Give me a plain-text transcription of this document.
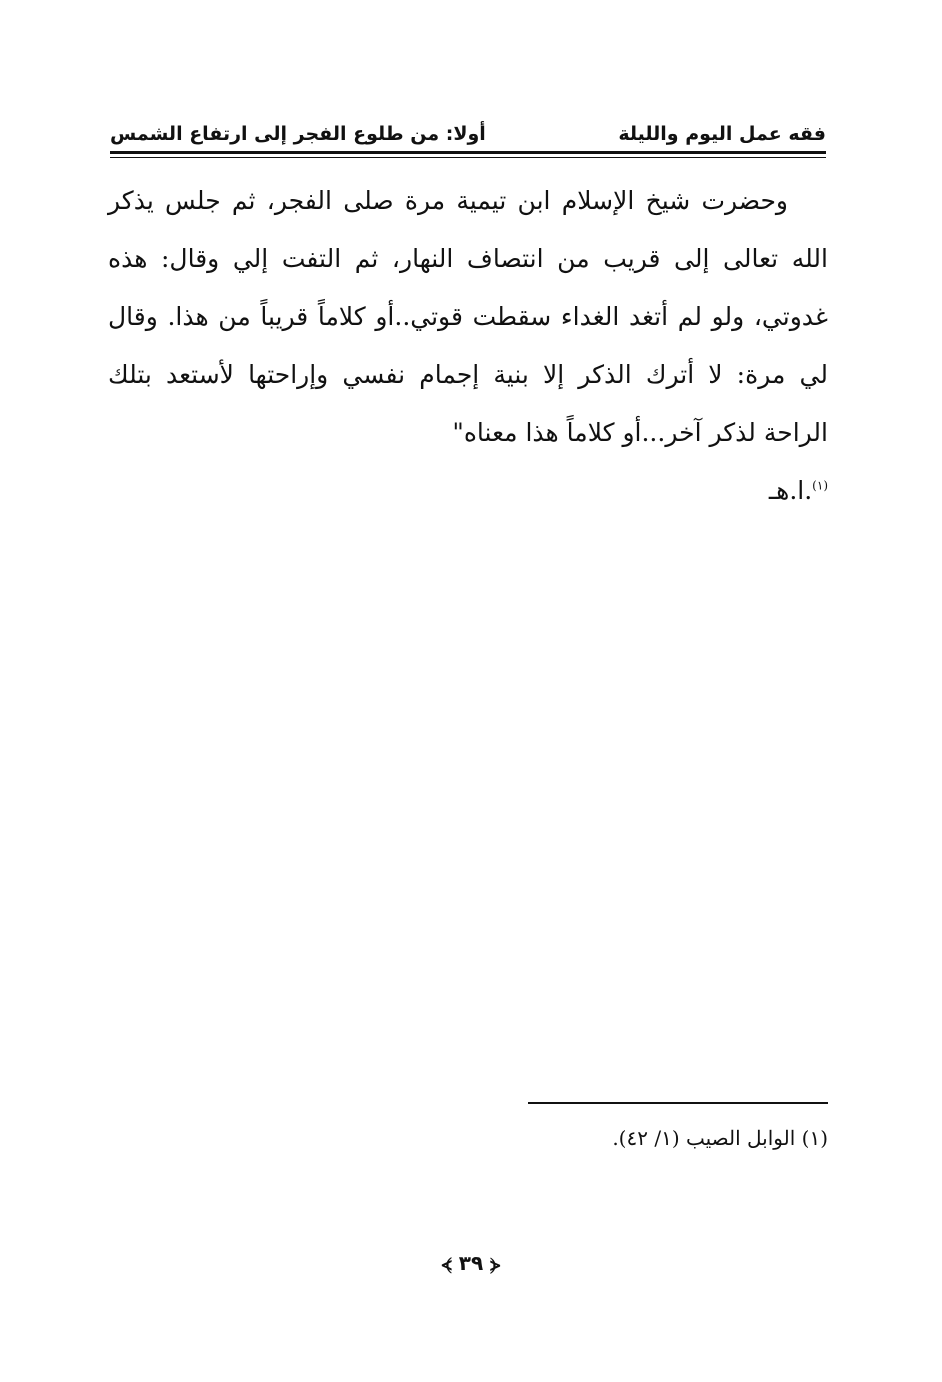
فقه عمل اليوم والليلة
أولا: من طلوع الفجر إلى ارتفاع الشمس

وحضرت شيخ الإسلام ابن تيمية مرة صلى الفجر، ثم جلس يذكر الله تعالى إلى قريب من انتصاف النهار، ثم التفت إلي وقال: هذه غدوتي، ولو لم أتغد الغداء سقطت قوتي..أو كلاماً قريباً من هذا. وقال لي مرة: لا أترك الذكر إلا بنية إجمام نفسي وإراحتها لأستعد بتلك الراحة لذكر آخر...أو كلاماً هذا معناه"

$^{(١)}$.ا.هـ
(١) الوابل الصيب (١/ ٤٢).
⦓ ٣٩ ⦔
